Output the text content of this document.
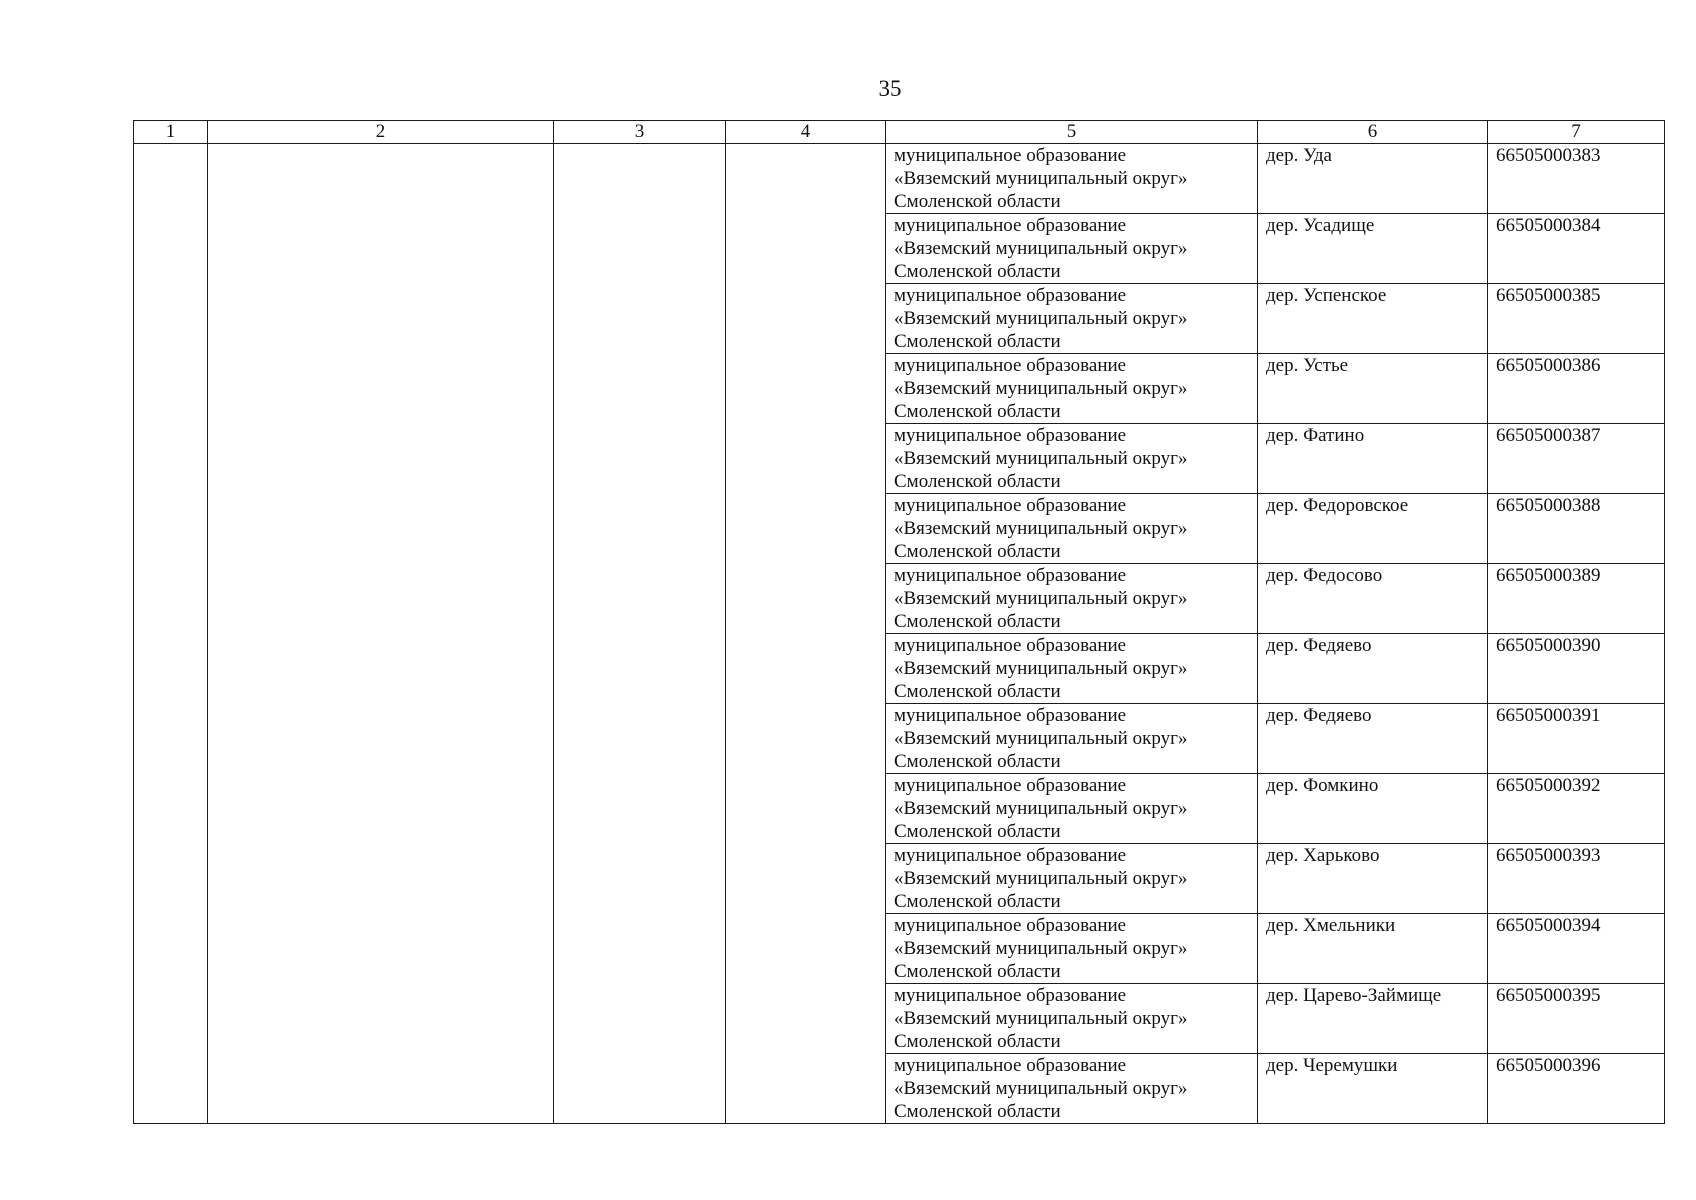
35
1	2	3	4	5	6	7

				муниципальное образование
«Вяземский муниципальный округ»
Смоленской области	дер. Уда	66505000383

				муниципальное образование
«Вяземский муниципальный округ»
Смоленской области	дер. Усадище	66505000384

				муниципальное образование
«Вяземский муниципальный округ»
Смоленской области	дер. Успенское	66505000385

				муниципальное образование
«Вяземский муниципальный округ»
Смоленской области	дер. Устье	66505000386

				муниципальное образование
«Вяземский муниципальный округ»
Смоленской области	дер. Фатино	66505000387

				муниципальное образование
«Вяземский муниципальный округ»
Смоленской области	дер. Федоровское	66505000388

				муниципальное образование
«Вяземский муниципальный округ»
Смоленской области	дер. Федосово	66505000389

				муниципальное образование
«Вяземский муниципальный округ»
Смоленской области	дер. Федяево	66505000390

				муниципальное образование
«Вяземский муниципальный округ»
Смоленской области	дер. Федяево	66505000391

				муниципальное образование
«Вяземский муниципальный округ»
Смоленской области	дер. Фомкино	66505000392

				муниципальное образование
«Вяземский муниципальный округ»
Смоленской области	дер. Харьково	66505000393

				муниципальное образование
«Вяземский муниципальный округ»
Смоленской области	дер. Хмельники	66505000394

				муниципальное образование
«Вяземский муниципальный округ»
Смоленской области	дер. Царево-Займище	66505000395

				муниципальное образование
«Вяземский муниципальный округ»
Смоленской области	дер. Черемушки	66505000396
